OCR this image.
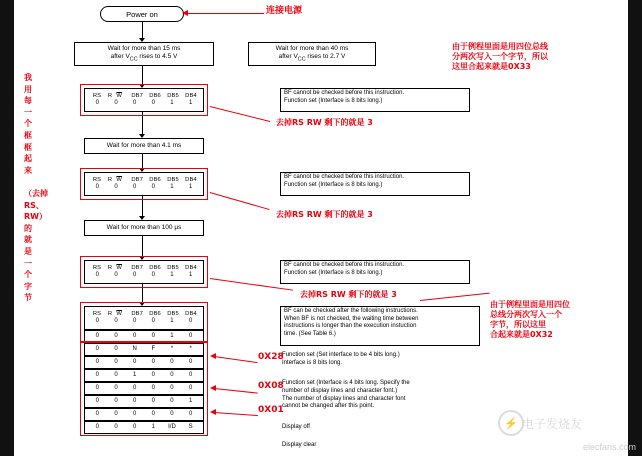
Power on
Wait for more than 15 ms
after $V_{CC}$ rises to 4.5 V
Wait for more than 40 ms
after $V_{CC}$ rises to 2.7 V
RS	R $\overline{W}$	DB7 DB6 DB5 DB4
0	0	0	0	1	1
Wait for more than 4.1 ms
RS	R $\overline{W}$	DB7 DB6 DB5 DB4
0	0	0	0	1	1
Wait for more than 100 µs
RS	R $\overline{W}$	DB7 DB6 DB5 DB4
0	0	0	0	1	1
RS	R $\overline{W}$	DB7 DB6 DB5 DB4
0	0	0	0	1	0
0	0	0	0	1	0
0	0	N	F	*	*
0	0	0	0	0	0
0	0	1	0	0	0
0	0	0	0	0	0
0	0	0	0	0	1
0	0	0	0	0	0
0	0	0	1	I/D	S
BF cannot be checked before this instruction.
Function set (Interface is 8 bits long.)
BF cannot be checked before this instruction.
Function set (Interface is 8 bits long.)
BF cannot be checked before this instruction.
Function set (Interface is 8 bits long.)
BF can be checked after the following instructions.
When BF is not checked, the waiting time between
instructions is longer than the execution instuction
time. (See Table 6.)
Function set (Set interface to be 4 bits long.)
Interface is 8 bits long.
Function set (Interface is 4 bits long. Specify the
number of display lines and character font.)
The number of display lines and character font
cannot be changed after this point.
Display off
Display clear
连接电源
由于例程里面是用四位总线
分两次写入一个字节，所以
这里合起来就是0X33
我
用
每
一
个
框
框
起
来

（去掉RS、RW）
的
就
是
一
个
字
节
去掉RS RW 剩下的就是 3
去掉RS RW 剩下的就是 3
去掉RS RW 剩下的就是 3
由于例程里面是用四位
总线分两次写入一个
字节，所以这里
合起来就是0X32
0X28
0X08
0X01
⚡ 电子发烧友
elecfans.com
